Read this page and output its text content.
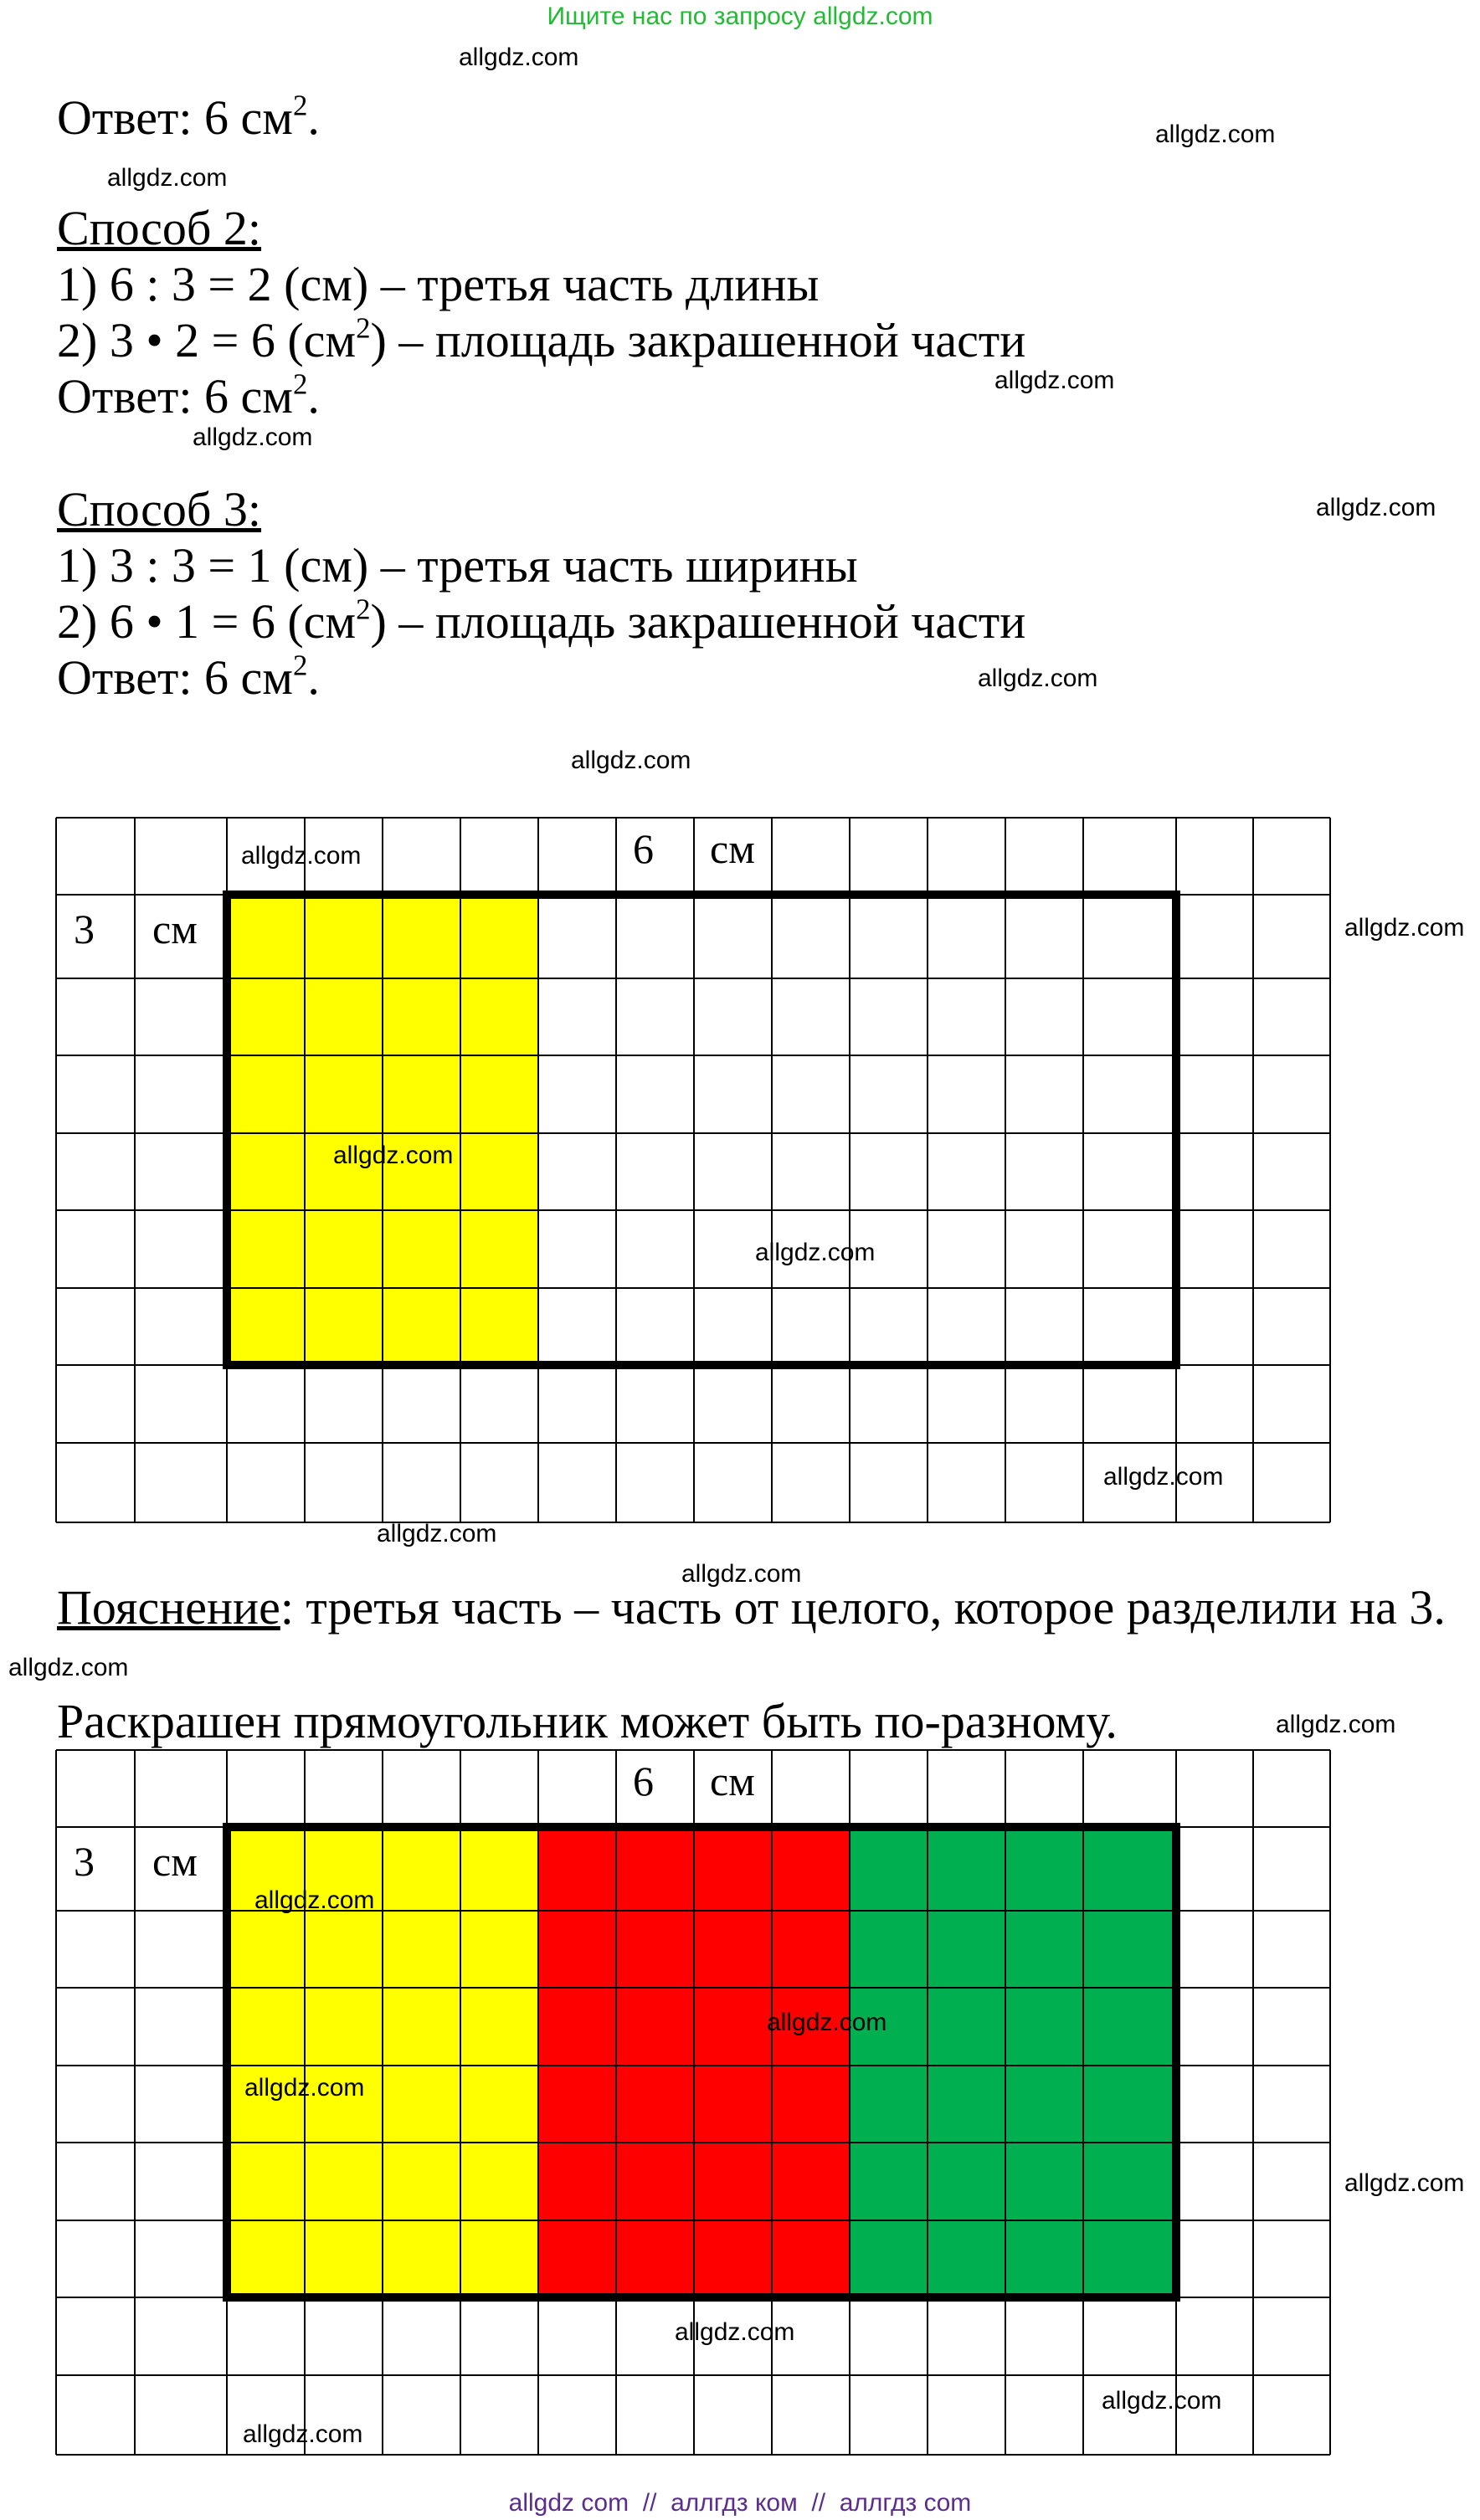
Ищите нас по запросу allgdz.com
Ответ: 6 $см^2$.
Способ 2:
1) 6 : 3 = 2 (см) – третья часть длины
2) 3 • 2 = 6 $(см^2)$ – площадь закрашенной части
Ответ: 6 $см^2$.
Способ 3:
1) 3 : 3 = 1 (см) – третья часть ширины
2) 6 • 1 = 6 $(см^2)$ – площадь закрашенной части
Ответ: 6 $см^2$.
6 см
3 см
Пояснение: третья часть – часть от целого, которое разделили на 3.
Раскрашен прямоугольник может быть по-разному.
6 см
3 см
allgdz.com
allgdz.com
allgdz.com
allgdz.com
allgdz.com
allgdz.com
allgdz.com
allgdz.com
allgdz.com
allgdz.com
allgdz.com
allgdz.com
allgdz.com
allgdz.com
allgdz.com
allgdz.com
allgdz.com
allgdz.com
allgdz.com
allgdz.com
allgdz.com
allgdz.com
allgdz.com
allgdz.com
allgdz com  //  аллгдз ком  //  аллгдз com
